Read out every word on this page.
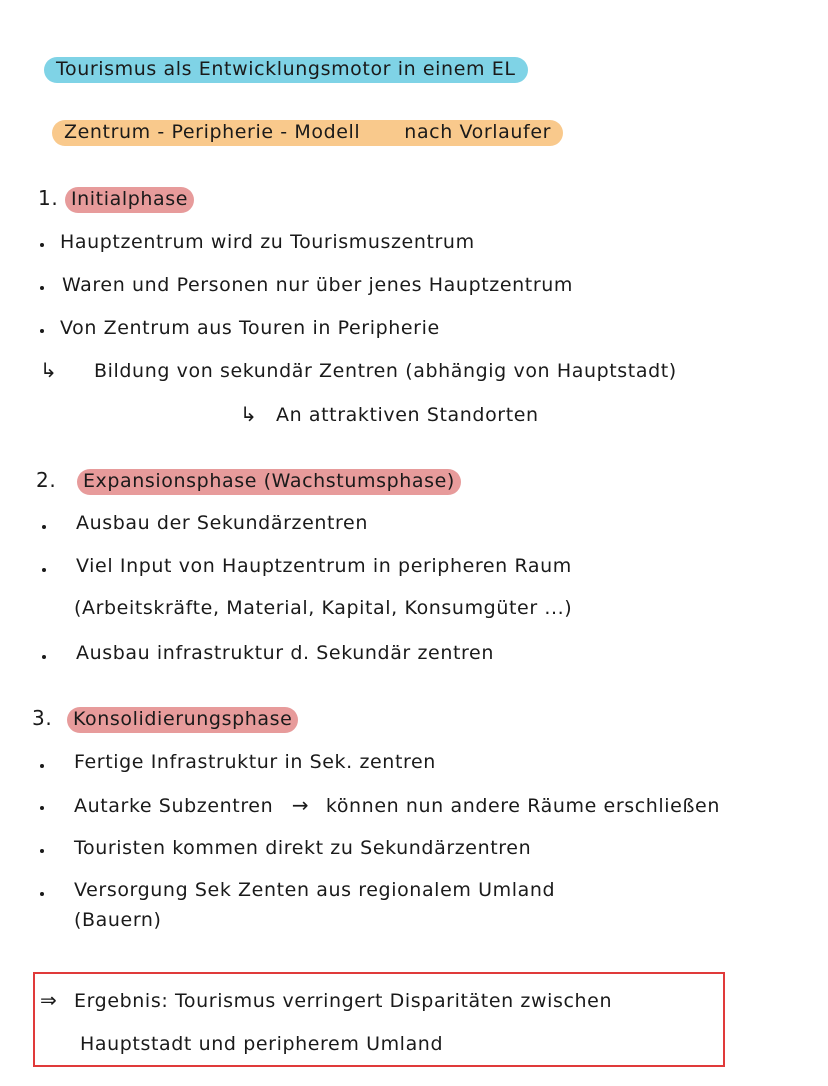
Tourismus als Entwicklungsmotor in einem EL
Zentrum - Peripherie - Modell nach Vorlaufer
1. Initialphase
Hauptzentrum wird zu Tourismuszentrum
Waren und Personen nur über jenes Hauptzentrum
Von Zentrum aus Touren in Peripherie
↳ Bildung von sekundär Zentren (abhängig von Hauptstadt)
↳ An attraktiven Standorten
2. Expansionsphase (Wachstumsphase)
Ausbau der Sekundärzentren
Viel Input von Hauptzentrum in peripheren Raum
(Arbeitskräfte, Material, Kapital, Konsumgüter ...)
Ausbau infrastruktur d. Sekundär zentren
3. Konsolidierungsphase
Fertige Infrastruktur in Sek. zentren
Autarke Subzentren → können nun andere Räume erschließen
Touristen kommen direkt zu Sekundärzentren
Versorgung Sek Zenten aus regionalem Umland
(Bauern)
⇒ Ergebnis: Tourismus verringert Disparitäten zwischen
Hauptstadt und peripherem Umland
